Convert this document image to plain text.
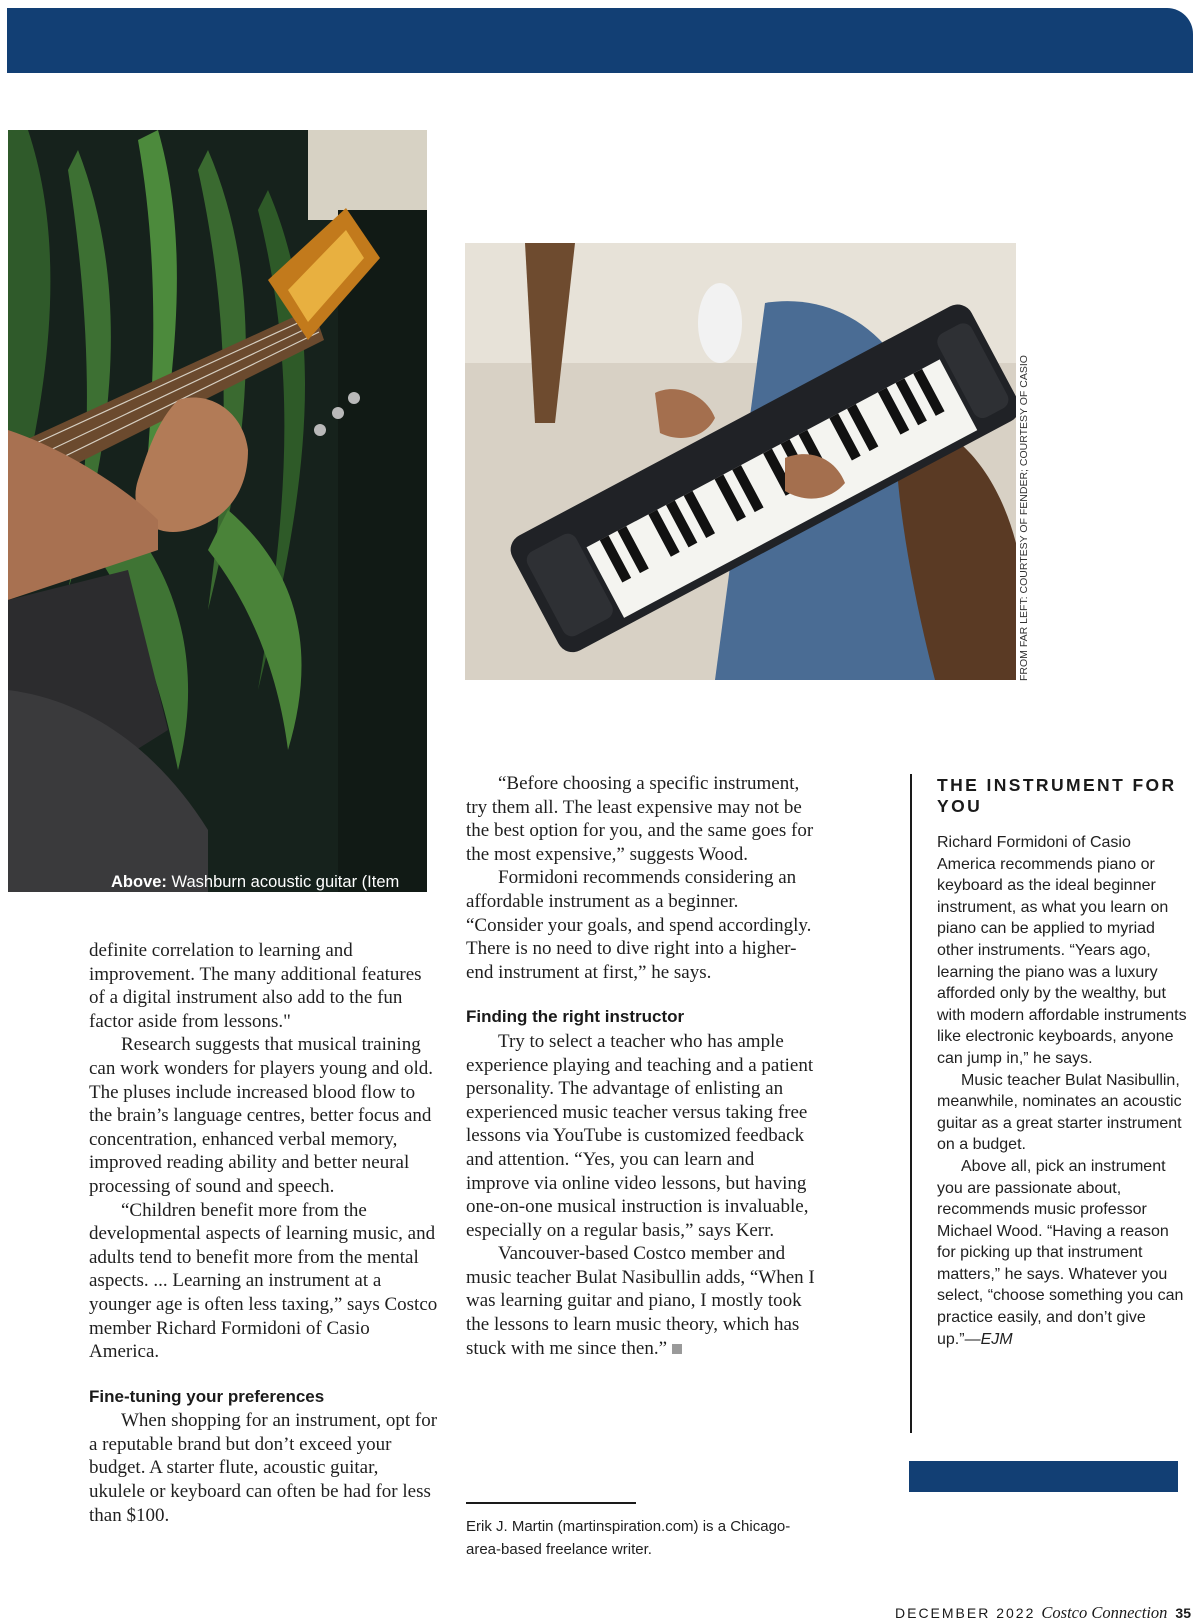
Above: Washburn acoustic guitar (Item
FROM FAR LEFT: COURTESY OF FENDER; COURTESY OF CASIO

definite correlation to learning and improvement. The many additional features of a digital instrument also add to the fun factor aside from lessons."

Research suggests that musical training can work wonders for players young and old. The pluses include increased blood flow to the brain’s language centres, better focus and concentration, enhanced verbal memory, improved reading ability and better neural processing of sound and speech.

“Children benefit more from the developmental aspects of learning music, and adults tend to benefit more from the mental aspects. ... Learning an instrument at a younger age is often less taxing,” says Costco member Richard Formidoni of Casio America.

Fine-tuning your preferences

When shopping for an instrument, opt for a reputable brand but don’t exceed your budget. A starter flute, acoustic guitar, ukulele or keyboard can often be had for less than $100.

“Before choosing a specific instrument, try them all. The least expensive may not be the best option for you, and the same goes for the most expensive,” suggests Wood.

Formidoni recommends considering an affordable instrument as a beginner. “Consider your goals, and spend accordingly. There is no need to dive right into a higher-end instrument at first,” he says.

Finding the right instructor

Try to select a teacher who has ample experience playing and teaching and a patient personality. The advantage of enlisting an experienced music teacher versus taking free lessons via YouTube is customized feedback and attention. “Yes, you can learn and improve via online video lessons, but having one-on-one musical instruction is invaluable, especially on a regular basis,” says Kerr.

Vancouver-based Costco member and music teacher Bulat Nasibullin adds, “When I was learning guitar and piano, I mostly took the lessons to learn music theory, which has stuck with me since then.”

Erik J. Martin (martinspiration.com) is a Chicago-area-based freelance writer.
THE INSTRUMENT FOR YOU

Richard Formidoni of Casio America recommends piano or keyboard as the ideal beginner instrument, as what you learn on piano can be applied to myriad other instruments. “Years ago, learning the piano was a luxury afforded only by the wealthy, but with modern affordable instruments like electronic keyboards, anyone can jump in,” he says.

Music teacher Bulat Nasibullin, meanwhile, nominates an acoustic guitar as a great starter instrument on a budget.

Above all, pick an instrument you are passionate about, recommends music professor Michael Wood. “Having a reason for picking up that instrument matters,” he says. Whatever you select, “choose something you can practice easily, and don’t give up.”—EJM

DECEMBER 2022 Costco Connection 35
